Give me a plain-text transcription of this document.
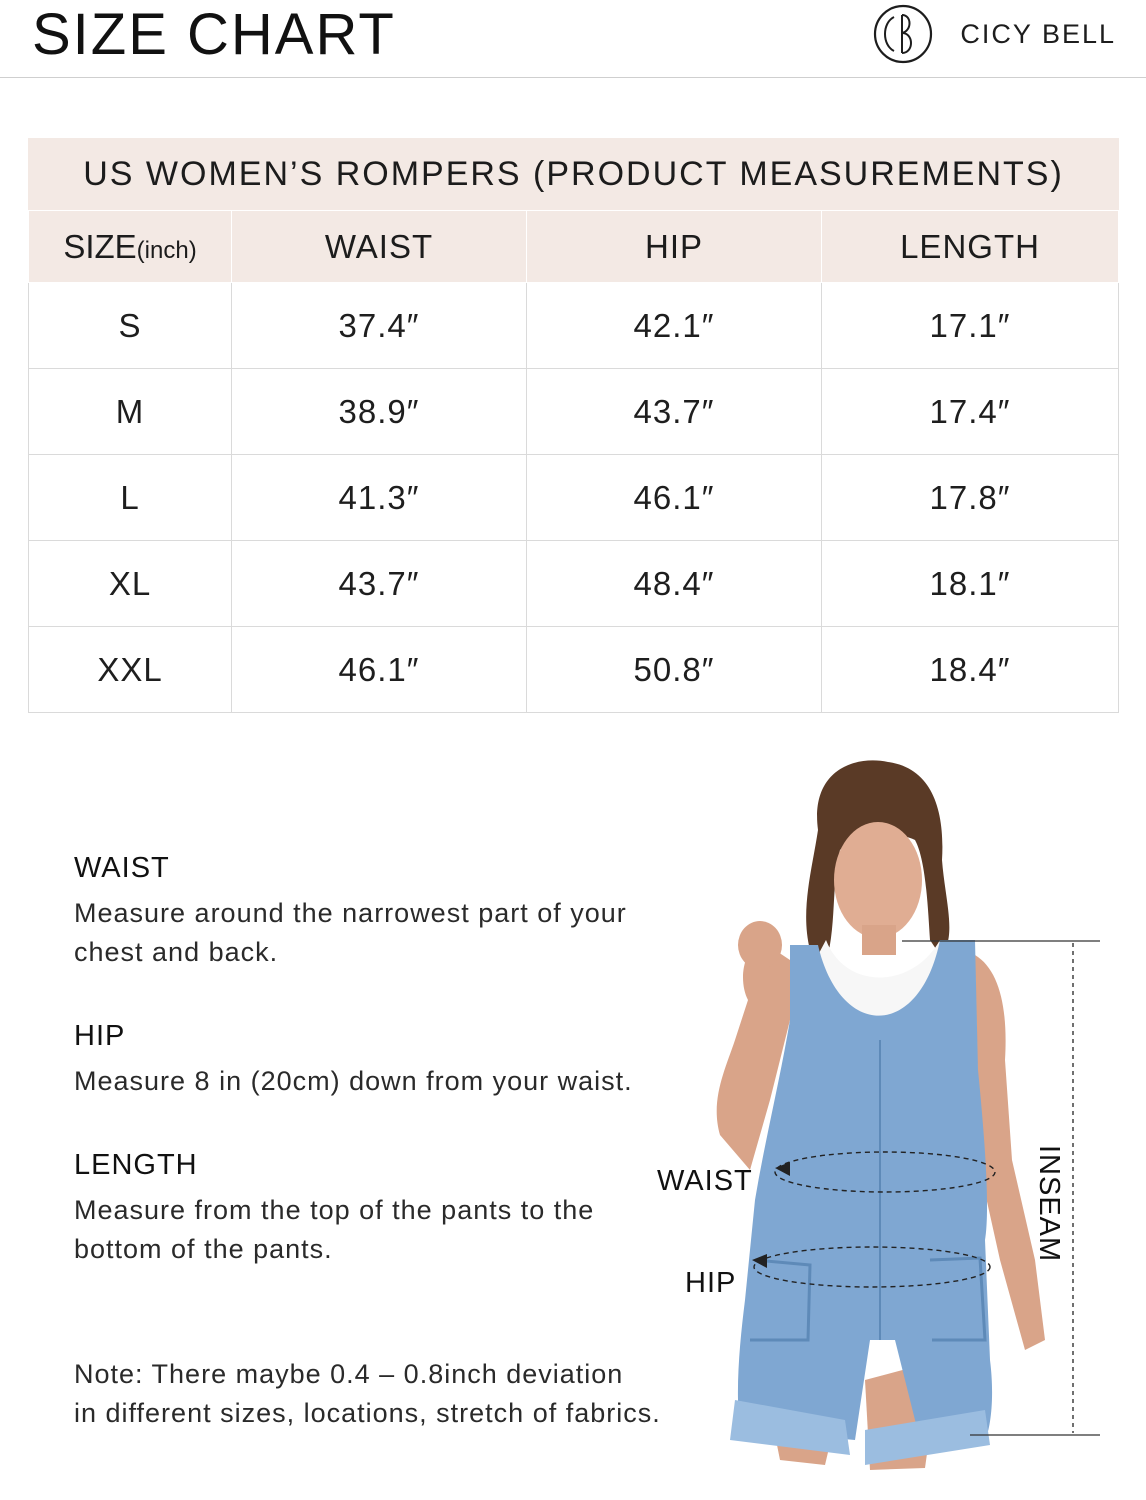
SIZE CHART	CICY BELL
US WOMEN’S ROMPERS (PRODUCT MEASUREMENTS)			
SIZE(inch)	WAIST	HIP	LENGTH
S	37.4″	42.1″	17.1″
M	38.9″	43.7″	17.4″
L	41.3″	46.1″	17.8″
XL	43.7″	48.4″	18.1″
XXL	46.1″	50.8″	18.4″
WAIST
Measure around the narrowest part of your chest and back.
HIP
Measure 8 in (20cm) down from your waist.
LENGTH
Measure from the top of the pants to the bottom of the pants.
Note: There maybe 0.4 – 0.8inch deviation
in different sizes, locations, stretch of fabrics.
WAIST
HIP
INSEAM
